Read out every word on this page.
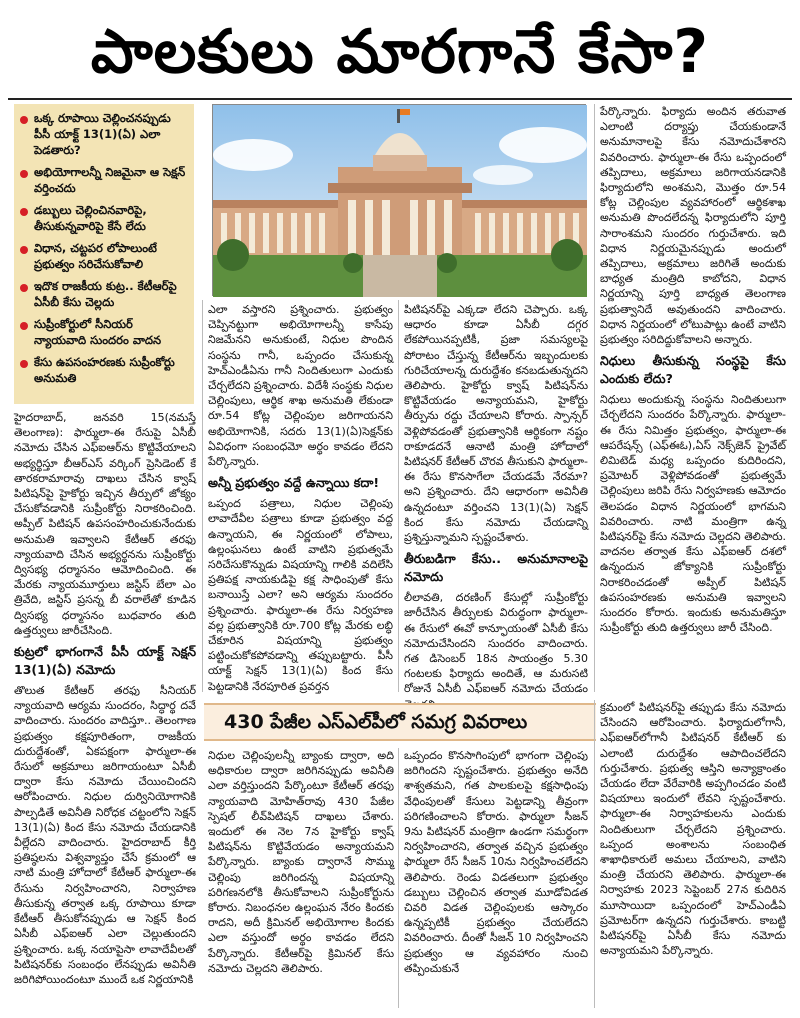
పాలకులు మారగానే కేసా?
ఒక్క రూపాయి చెల్లించనప్పుడు పీసీ యాక్ట్ 13(1)(ఏ) ఎలా పెడతారు?
అభియోగాలన్నీ నిజమైనా ఆ సెక్షన్ వర్తించదు
డబ్బులు చెల్లించినవారిపై, తీసుకున్నవారిపై కేసే లేదు
విధాన, చట్టపర లోపాలుంటే ప్రభుత్వం సరిచేసుకోవాలి
ఇదొక రాజకీయ కుట్ర.. కేటీఆర్‌పై ఏసీబీ కేసు చెల్లదు
సుప్రీంకోర్టులో సీనియర్ న్యాయవాది సుందరం వాదన
కేసు ఉపసంహరణకు సుప్రీంకోర్టు అనుమతి

హైదరాబాద్, జనవరి 15(నమస్తే తెలంగాణ): ఫార్ములా-ఈ రేసుపై ఏసీబీ నమోదు చేసిన ఎఫ్ఐఆర్‌ను కొట్టివేయాలని అభ్యర్థిస్తూ బీఆర్ఎస్ వర్కింగ్ ప్రెసిడెంట్ కే తారకరామారావు దాఖలు చేసిన క్వాష్ పిటిషన్‌పై హైకోర్టు ఇచ్చిన తీర్పులో జోక్యం చేసుకోవడానికి సుప్రీంకోర్టు నిరాకరించింది. అప్పీల్ పిటిషన్ ఉపసంహరించుకునేందుకు అనుమతి ఇవ్వాలని కేటీఆర్ తరఫు న్యాయవాది చేసిన అభ్యర్థనను సుప్రీంకోర్టు ద్విసభ్య ధర్మాసనం ఆమోదించింది. ఈ మేరకు న్యాయమూర్తులు జస్టిస్ బేలా ఎం త్రివేది, జస్టిస్ ప్రసన్న బీ వరాలేతో కూడిన ద్విసభ్య ధర్మాసనం బుధవారం తుది ఉత్తర్వులు జారీచేసింది.

కుట్రలో భాగంగానే పీసీ యాక్ట్ సెక్షన్ 13(1)(ఏ) నమోదు

తొలుత కేటీఆర్ తరఫు సీనియర్ న్యాయవాది ఆర్యమ సుందరం, సిద్ధార్థ దవే వాదించారు. సుందరం వాదిస్తూ.. తెలంగాణ ప్రభుత్వం కక్షపూరితంగా, రాజకీయ దురుద్దేశంతో, ఏకపక్షంగా ఫార్ములా-ఈ రేసులో అక్రమాలు జరిగాయంటూ ఏసీబీ ద్వారా కేసు నమోదు చేయించిందని ఆరోపించారు. నిధుల దుర్వినియోగానికి పాల్పడితే అవినీతి నిరోధక చట్టంలోని సెక్షన్ 13(1)(ఏ) కింద కేసు నమోదు చేయడానికి వీల్లేదని వాదించారు. హైదరాబాద్ కీర్తి ప్రతిష్ఠలను విశ్వవ్యాప్తం చేసే క్రమంలో ఆ నాటి మంత్రి హోదాలో కేటీఆర్ ఫార్ములా-ఈ రేసును నిర్వహించారని, నిర్వాహణ తీసుకున్న తర్వాత ఒక్క రూపాయి కూడా కేటీఆర్ తీసుకోనప్పుడు ఆ సెక్షన్ కింద ఏసీబీ ఎఫ్ఐఆర్ ఎలా చెల్లుతుందని ప్రశ్నించారు. ఒక్క నయాపైసా లావాదేవీలతో పిటిషనర్‌కు సంబంధం లేనప్పుడు అవినీతి జరిగిపోయిందంటూ ముందే ఒక నిర్ణయానికి

ఎలా వస్తారని ప్రశ్నించారు. ప్రభుత్వం చెప్పినట్టుగా అభియోగాలన్నీ కాసేపు నిజమేనని అనుకుంటే, నిధుల పొందిన సంస్థను గానీ, ఒప్పందం చేసుకున్న హెచ్ఎండీఏను గానీ నిందితులుగా ఎందుకు చేర్చలేదని ప్రశ్నించారు. విదేశీ సంస్థకు నిధుల చెల్లింపులు, ఆర్థిక శాఖ అనుమతి లేకుండా రూ.54 కోట్ల చెల్లింపుల జరిగాయనని అభియోగానికి, సదరు 13(1)(ఏ)సెక్షన్‌కు ఏవిధంగా సంబంధమో అర్థం కావడం లేదని పేర్కొన్నారు.

అన్నీ ప్రభుత్వం వద్దే ఉన్నాయి కదా!

ఒప్పంద పత్రాలు, నిధుల చెల్లింపు లావాదేవీల పత్రాలు కూడా ప్రభుత్వం వద్ద ఉన్నాయని, ఈ నిర్ణయంలో లోపాలు, ఉల్లంఘనలు ఉంటే వాటిని ప్రభుత్వమే సరిచేసుకొన్నుడు విషయాన్ని గాలికి వదిలేసి ప్రతిపక్ష నాయకుడిపై కక్ష సాధింపుతో కేసు బనాయిస్తే ఎలా? అని ఆర్యమ సుందరం ప్రశ్నించారు. ఫార్ములా-ఈ రేసు నిర్వహణ వల్ల ప్రభుత్వానికి రూ.700 కోట్ల మేరకు లబ్ధి చేకూరిన విషయాన్ని ప్రభుత్వం పట్టించుకోకపోవడాన్ని తప్పుబట్టారు. పీసీ యాక్ట్ సెక్షన్ 13(1)(ఏ) కింద కేసు పెట్టడానికి నేరపూరిత ప్రవర్తన

పిటిషనర్‌పై ఎక్కడా లేదని చెప్పారు. ఒక్క ఆధారం కూడా ఏసీబీ దగ్గర లేకపోయినప్పటికీ, ప్రజా సమస్యలపై పోరాటం చేస్తున్న కేటీఆర్‌ను ఇబ్బందులకు గురిచేయాలన్న దురుద్దేశం కనబడుతున్నదని తెలిపారు. హైకోర్టు క్వాష్ పిటిషన్‌ను కొట్టివేయడం అన్యాయమని, హైకోర్టు తీర్పును రద్దు చేయాలని కోరారు. స్పాన్సర్ వెళ్లిపోవడంతో ప్రభుత్వానికి ఆర్థికంగా నష్టం రాకూడదనే ఆనాటి మంత్రి హోదాలో పిటిషనర్ కేటీఆర్ చొరవ తీసుకుని ఫార్ములా-ఈ రేసు కొనసాగేలా చేయడమే నేరమా? అని ప్రశ్నించారు. దేని ఆధారంగా అవినీతి ఉన్నదంటూ వర్తించని 13(1)(ఏ) సెక్షన్ కింద కేసు నమోదు చేయడాన్ని ప్రశ్నిస్తున్నామని స్పష్టంచేశారు.

తీరుబడిగా కేసు.. అనుమానాలపై నమోదు

లీలావతి, దరణింగ్ కేసుల్లో సుప్రీంకోర్టు జారీచేసిన తీర్పులకు విరుద్ధంగా ఫార్ములా-ఈ రేసులో ఈవో కాన్ఫూయంతో ఏసీబీ కేసు నమోదుచేసిందని సుందరం వాదించారు. గత డిసెంబర్ 18న సాయంత్రం 5.30 గంటలకు ఫిర్యాదు అందితే, ఆ మరుసటి రోజునే ఏసీబీ ఎఫ్ఐఆర్ నమోదు చేయడం

పేర్కొన్నారు. ఫిర్యాదు అందిన తరువాత ఎలాంటి దర్యాప్తు చేయకుండానే అనుమానాలపై కేసు నమోదుచేశారని వివరించారు. ఫార్ములా-ఈ రేసు ఒప్పందంలో తప్పిదాలు, అక్రమాలు జరిగాయనడానికి ఫిర్యాదులోని అంశమని, మొత్తం రూ.54 కోట్ల చెల్లింపుల వ్యవహారంలో ఆర్థికశాఖ అనుమతి పొందలేదన్న ఫిర్యాదులోని పూర్తి సారాంశమని సుందరం గుర్తుచేశారు. ఇది విధాన నిర్ణయమైనప్పుడు అందులో తప్పిదాలు, అక్రమాలు జరిగితే అందుకు బాధ్యత మంత్రిది కాబోదని, విధాన నిర్ణయాన్ని పూర్తి బాధ్యత తెలంగాణ ప్రభుత్వానిదే అవుతుందని వాదించారు. విధాన నిర్ణయంలో లోటుపాట్లు ఉంటే వాటిని ప్రభుత్వం సరిదిద్దుకోవాలని అన్నారు.

నిధులు తీసుకున్న సంస్థపై కేసు ఎందుకు లేదు?

నిధులు అందుకున్న సంస్థను నిందితులుగా చేర్చలేదని సుందరం పేర్కొన్నారు. ఫార్ములా-ఈ రేసు నిమిత్తం ప్రభుత్వం, ఫార్ములా-ఈ ఆపరేషన్స్ (ఎఫ్ఈఓ),ఏస్ నెక్స్‌జెన్ ప్రైవేట్ లిమిటెడ్ మధ్య ఒప్పందం కుదిరిందని, ప్రమోటర్ వెళ్లిపోవడంతో ప్రభుత్వమే చెల్లింపులు జరిపి రేసు నిర్వహణకు ఆమోదం తెలపడం విధాన నిర్ణయంలో భాగమని వివరించారు. నాటి మంత్రిగా ఉన్న పిటిషనర్‌పై కేసు నమోదు చెల్లదని తెలిపారు. వాదనల తర్వాత కేసు ఎఫ్ఐఆర్ దశలో ఉన్నందున జోక్యానికి సుప్రీంకోర్టు నిరాకరించడంతో అప్పీల్ పిటిషన్ ఉపసంహరణకు అనుమతి ఇవ్వాలని సుందరం కోరారు. ఇందుకు అనుమతిస్తూ సుప్రీంకోర్టు తుది ఉత్తర్వులు జారీ చేసింది.

430 పేజీల ఎస్ఎల్‌పీలో సమగ్ర వివరాలు

నిధుల చెల్లింపులన్నీ బ్యాంకు ద్వారా, అది అధికారుల ద్వారా జరిగినప్పుడు అవినీతి ఎలా వర్తిస్తుందని పేర్కొంటూ కేటీఆర్ తరఫు న్యాయవాది మోహిత్‌రావు 430 పేజీల స్పెషల్ లీవ్‌పిటిషన్ దాఖలు చేశారు. ఇందులో ఈ నెల 7న హైకోర్టు క్వాష్ పిటిషన్‌ను కొట్టివేయడం అన్యాయమని పేర్కొన్నారు. బ్యాంకు ద్వారానే సొమ్ము చెల్లింపు జరిగిందన్న విషయాన్ని పరిగణనలోకి తీసుకోవాలని సుప్రీంకోర్టును కోరారు. నిబంధనల ఉల్లంఘన నేరం కిందకు రాదని, అదీ క్రిమినల్ అభియోగాల కిందకు ఎలా వస్తుందో అర్థం కావడం లేదని పేర్కొన్నారు. కేటీఆర్‌పై క్రిమినల్ కేసు నమోదు చెల్లదని తెలిపారు.

ఒప్పందం కొనసాగింపులో భాగంగా చెల్లింపు జరిగిందని స్పష్టంచేశారు. ప్రభుత్వం అనేది శాశ్వతమని, గత పాలకులపై కక్షసాధింపు వేధింపులతో కేసులు పెట్టడాన్ని తీవ్రంగా పరిగణించాలని కోరారు. ఫార్ములా సీజన్ 9ను పిటిషనర్ మంత్రిగా ఉండగా సమర్థంగా నిర్వహించారని, తర్వాత వచ్చిన ప్రభుత్వం ఫార్ములా రేస్ సీజన్ 10ను నిర్వహించలేదని తెలిపారు. రెండు విడతలుగా ప్రభుత్వం డబ్బులు చెల్లించిన తర్వాత మూడోవిడత చివరి విడత చెల్లింపులకు ఆస్కారం ఉన్నప్పటికీ ప్రభుత్వం చేయలేదని వివరించారు. దీంతో సీజన్ 10 నిర్వహించని ప్రభుత్వం ఆ వ్యవహారం నుంచి తప్పించుకునే

క్రమంలో పిటిషనర్‌పై తప్పుడు కేసు నమోదు చేసిందని ఆరోపించారు. ఫిర్యాదులోగానీ, ఎఫ్ఐఆర్‌లోగానీ పిటిషనర్ కేటీఆర్ కు ఎలాంటి దురుద్దేశం ఆపాదించలేదని గుర్తుచేశారు. ప్రభుత్వ ఆస్తిని అన్యాక్రాంతం చేయడం లేదా వేరేవారికి అప్పగించడం వంటి విషయాలు ఇందులో లేవని స్పష్టంచేశారు. ఫార్ములా-ఈ నిర్వాహకులను ఎందుకు నిందితులుగా చేర్చలేదని ప్రశ్నించారు. ఒప్పంద అంశాలను సంబంధిత శాఖాధికారులే అమలు చేయాలని, వాటిని మంత్రి చేయరని తెలిపారు. ఫార్ములా-ఈ నిర్వాహకు 2023 సెప్టెంబర్ 27న కుదిరిన మూసాయిదా ఒప్పందంలో హెచ్ఎండీఏ ప్రమోటర్‌గా ఉన్నదని గుర్తుచేశారు. కాబట్టి పిటిషనర్‌పై ఏసీబీ కేసు నమోదు అన్యాయమని పేర్కొన్నారు.
